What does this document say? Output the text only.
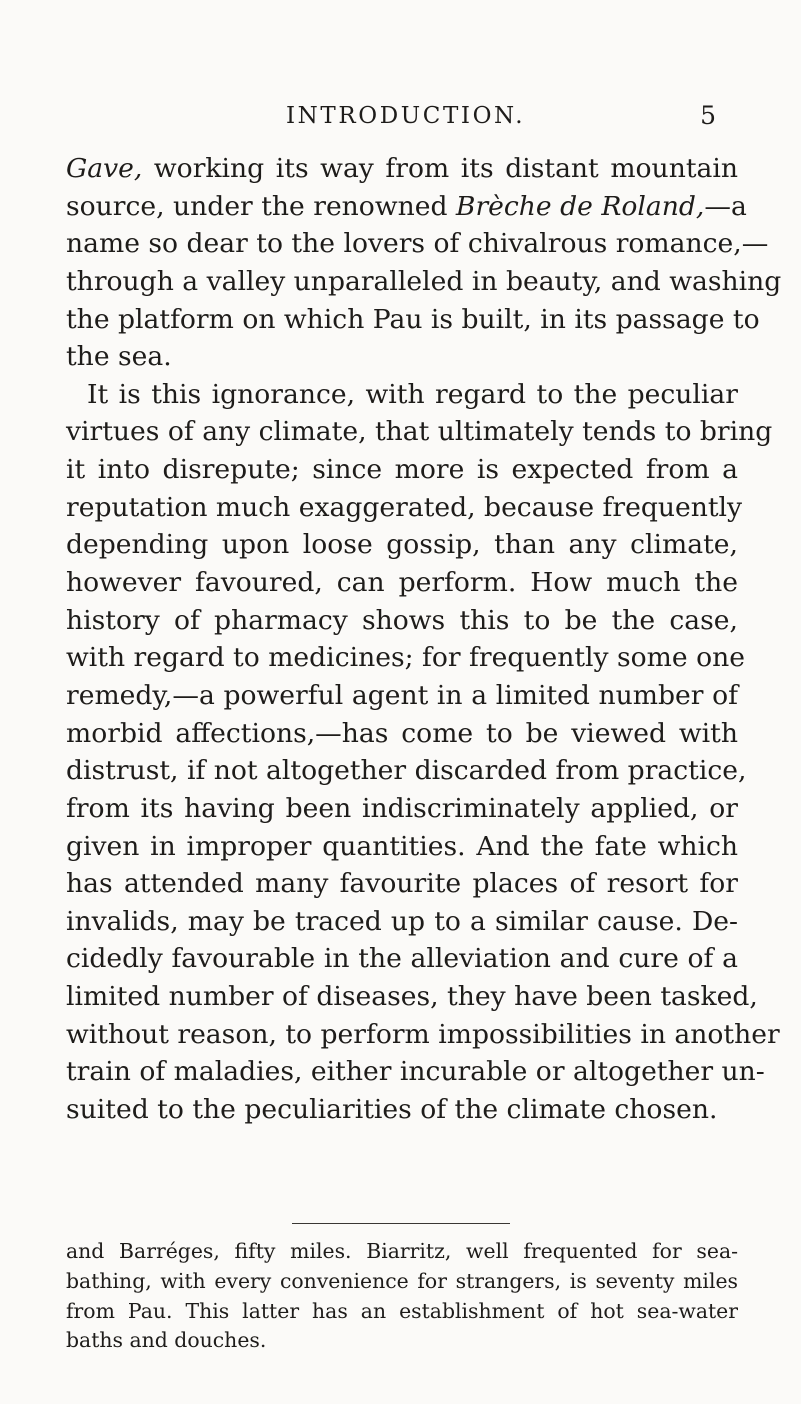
INTRODUCTION.	5
Gave, working its way from its distant mountain
source, under the renowned Brèche de Roland,—a
name so dear to the lovers of chivalrous romance,—
through a valley unparalleled in beauty, and washing
the platform on which Pau is built, in its passage to
the sea.
It is this ignorance, with regard to the peculiar
virtues of any climate, that ultimately tends to bring
it into disrepute; since more is expected from a
reputation much exaggerated, because frequently
depending upon loose gossip, than any climate,
however favoured, can perform. How much the
history of pharmacy shows this to be the case,
with regard to medicines; for frequently some one
remedy,—a powerful agent in a limited number of
morbid affections,—has come to be viewed with
distrust, if not altogether discarded from practice,
from its having been indiscriminately applied, or
given in improper quantities. And the fate which
has attended many favourite places of resort for
invalids, may be traced up to a similar cause. De-
cidedly favourable in the alleviation and cure of a
limited number of diseases, they have been tasked,
without reason, to perform impossibilities in another
train of maladies, either incurable or altogether un-
suited to the peculiarities of the climate chosen.
and Barréges, fifty miles. Biarritz, well frequented for sea-
bathing, with every convenience for strangers, is seventy miles
from Pau. This latter has an establishment of hot sea-water
baths and douches.
